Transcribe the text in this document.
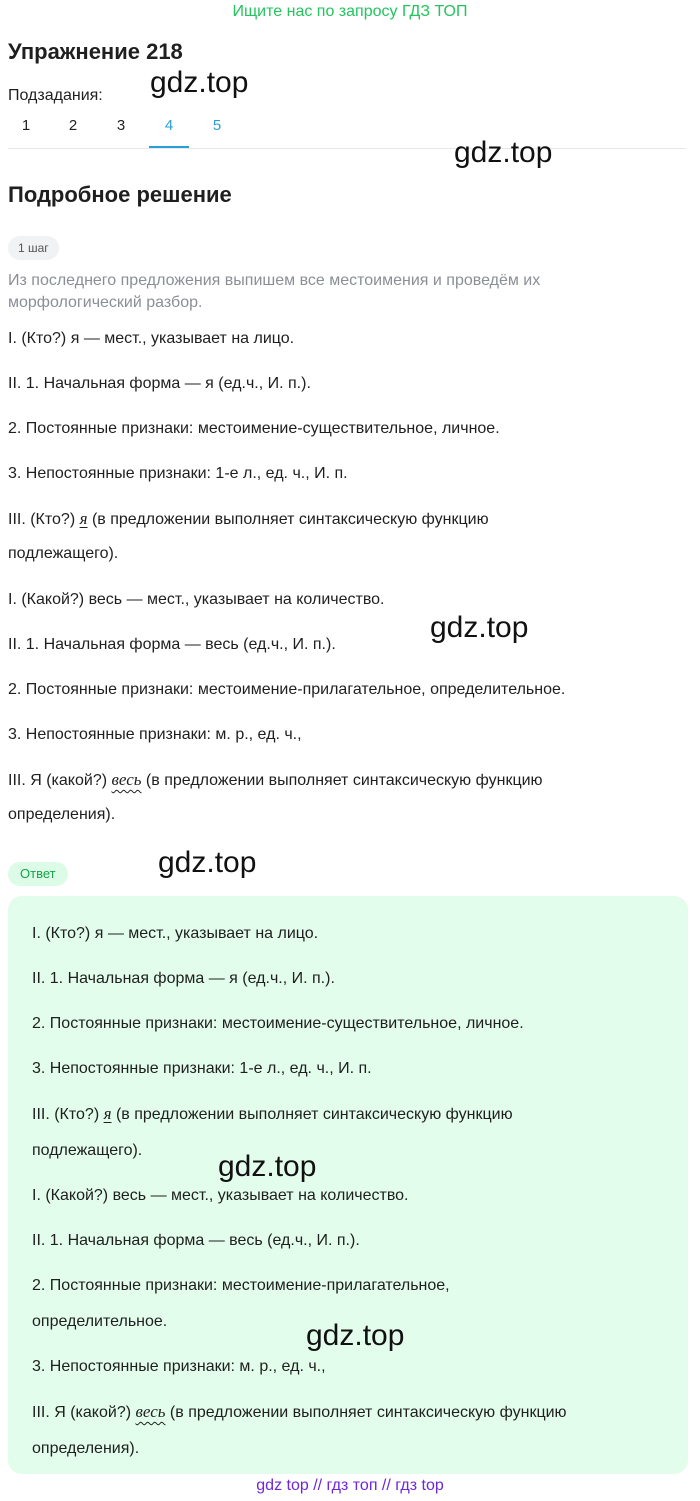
Ищите нас по запросу ГДЗ ТОП
Упражнение 218
Подзадания:
1	2	3	4	5
Подробное решение
1 шаг
Из последнего предложения выпишем все местоимения и проведём их морфологический разбор.

I. (Кто?) я — мест., указывает на лицо.

II. 1. Начальная форма — я (ед.ч., И. п.).

2. Постоянные признаки: местоимение-существительное, личное.

3. Непостоянные признаки: 1-е л., ед. ч., И. п.

III. (Кто?) я (в предложении выполняет синтаксическую функцию

подлежащего).

I. (Какой?) весь — мест., указывает на количество.

II. 1. Начальная форма — весь (ед.ч., И. п.).

2. Постоянные признаки: местоимение-прилагательное, определительное.

3. Непостоянные признаки: м. р., ед. ч.,

III. Я (какой?) весь (в предложении выполняет синтаксическую функцию

определения).

Ответ

I. (Кто?) я — мест., указывает на лицо.

II. 1. Начальная форма — я (ед.ч., И. п.).

2. Постоянные признаки: местоимение-существительное, личное.

3. Непостоянные признаки: 1-е л., ед. ч., И. п.

III. (Кто?) я (в предложении выполняет синтаксическую функцию

подлежащего).

I. (Какой?) весь — мест., указывает на количество.

II. 1. Начальная форма — весь (ед.ч., И. п.).

2. Постоянные признаки: местоимение-прилагательное,

определительное.

3. Непостоянные признаки: м. р., ед. ч.,

III. Я (какой?) весь (в предложении выполняет синтаксическую функцию

определения).

gdz.top
gdz.top
gdz.top
gdz.top
gdz.top
gdz.top
gdz top // гдз топ // гдз top
